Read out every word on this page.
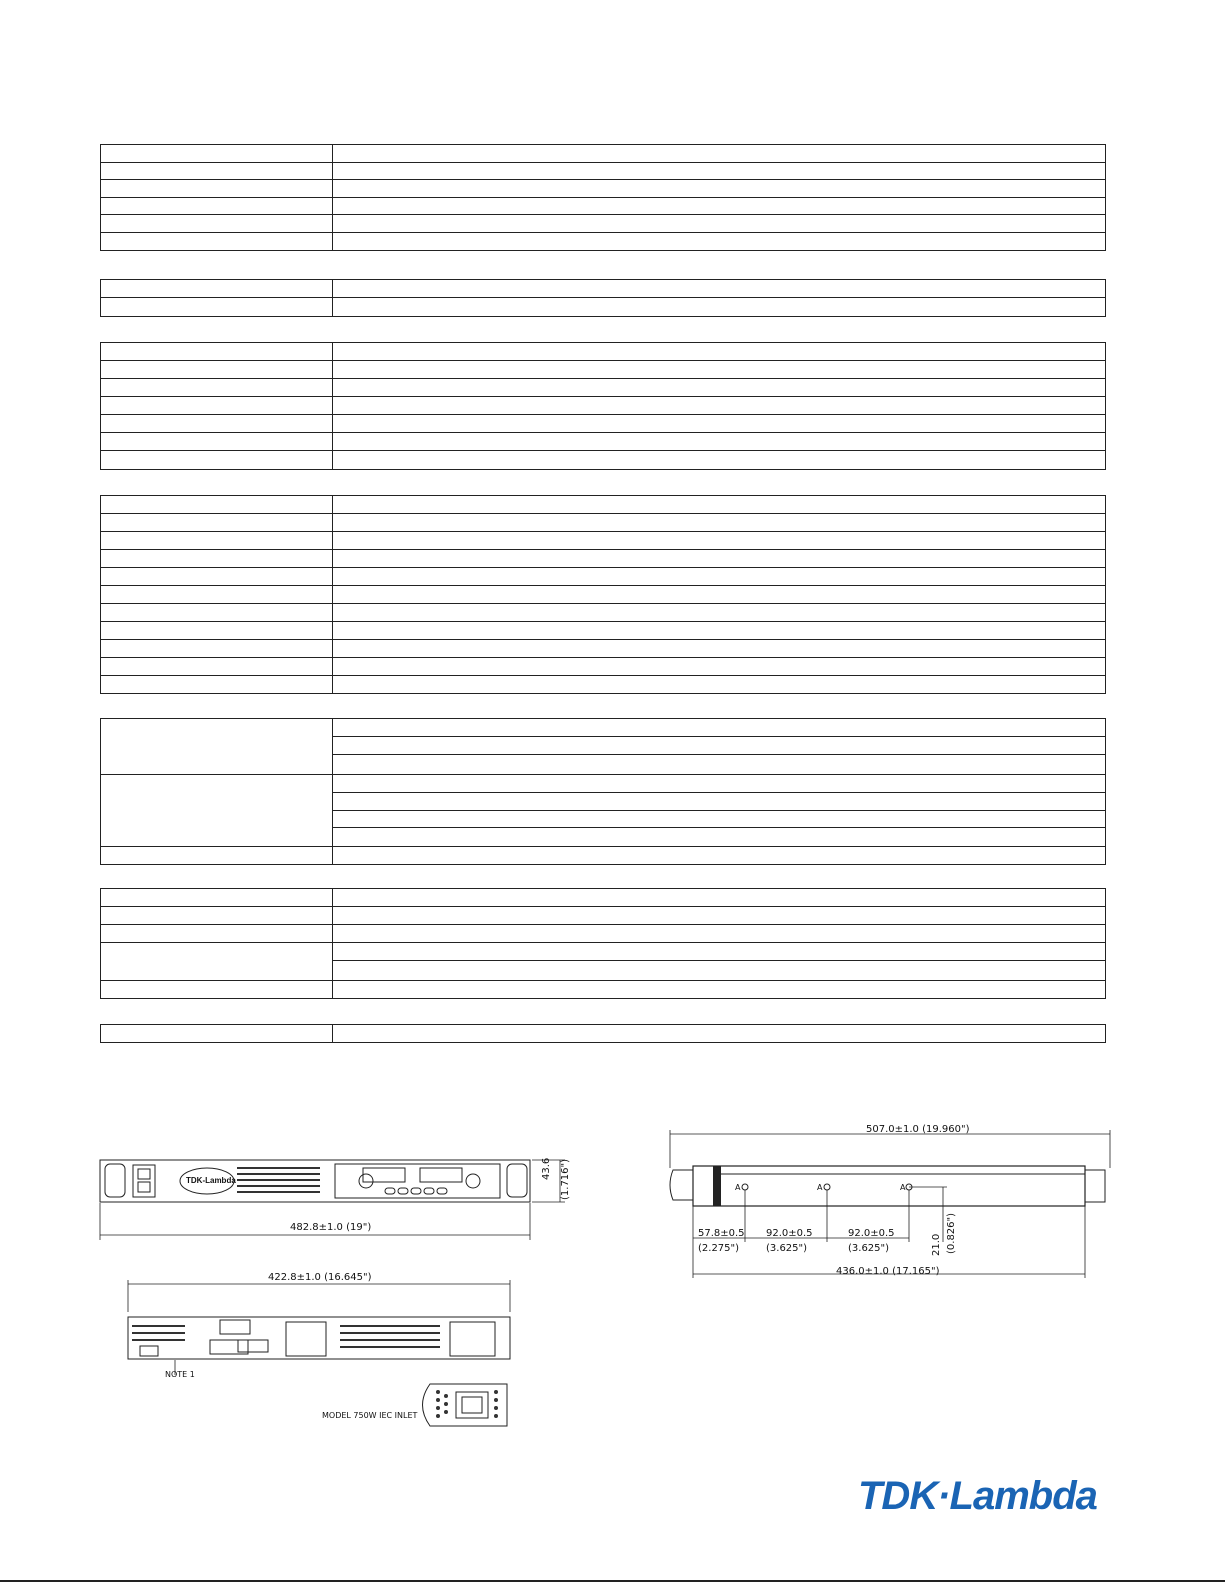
TDK-Lambda
482.8±1.0 (19")
43.6 (1.716")
422.8±1.0 (16.645")
NOTE 1
MODEL 750W IEC INLET
507.0±1.0 (19.960")
A	A	A
57.8±0.5
(2.275")
92.0±0.5
(3.625")
92.0±0.5
(3.625")	21.0 (0.826")
436.0±1.0 (17.165")
TDK·Lambda
